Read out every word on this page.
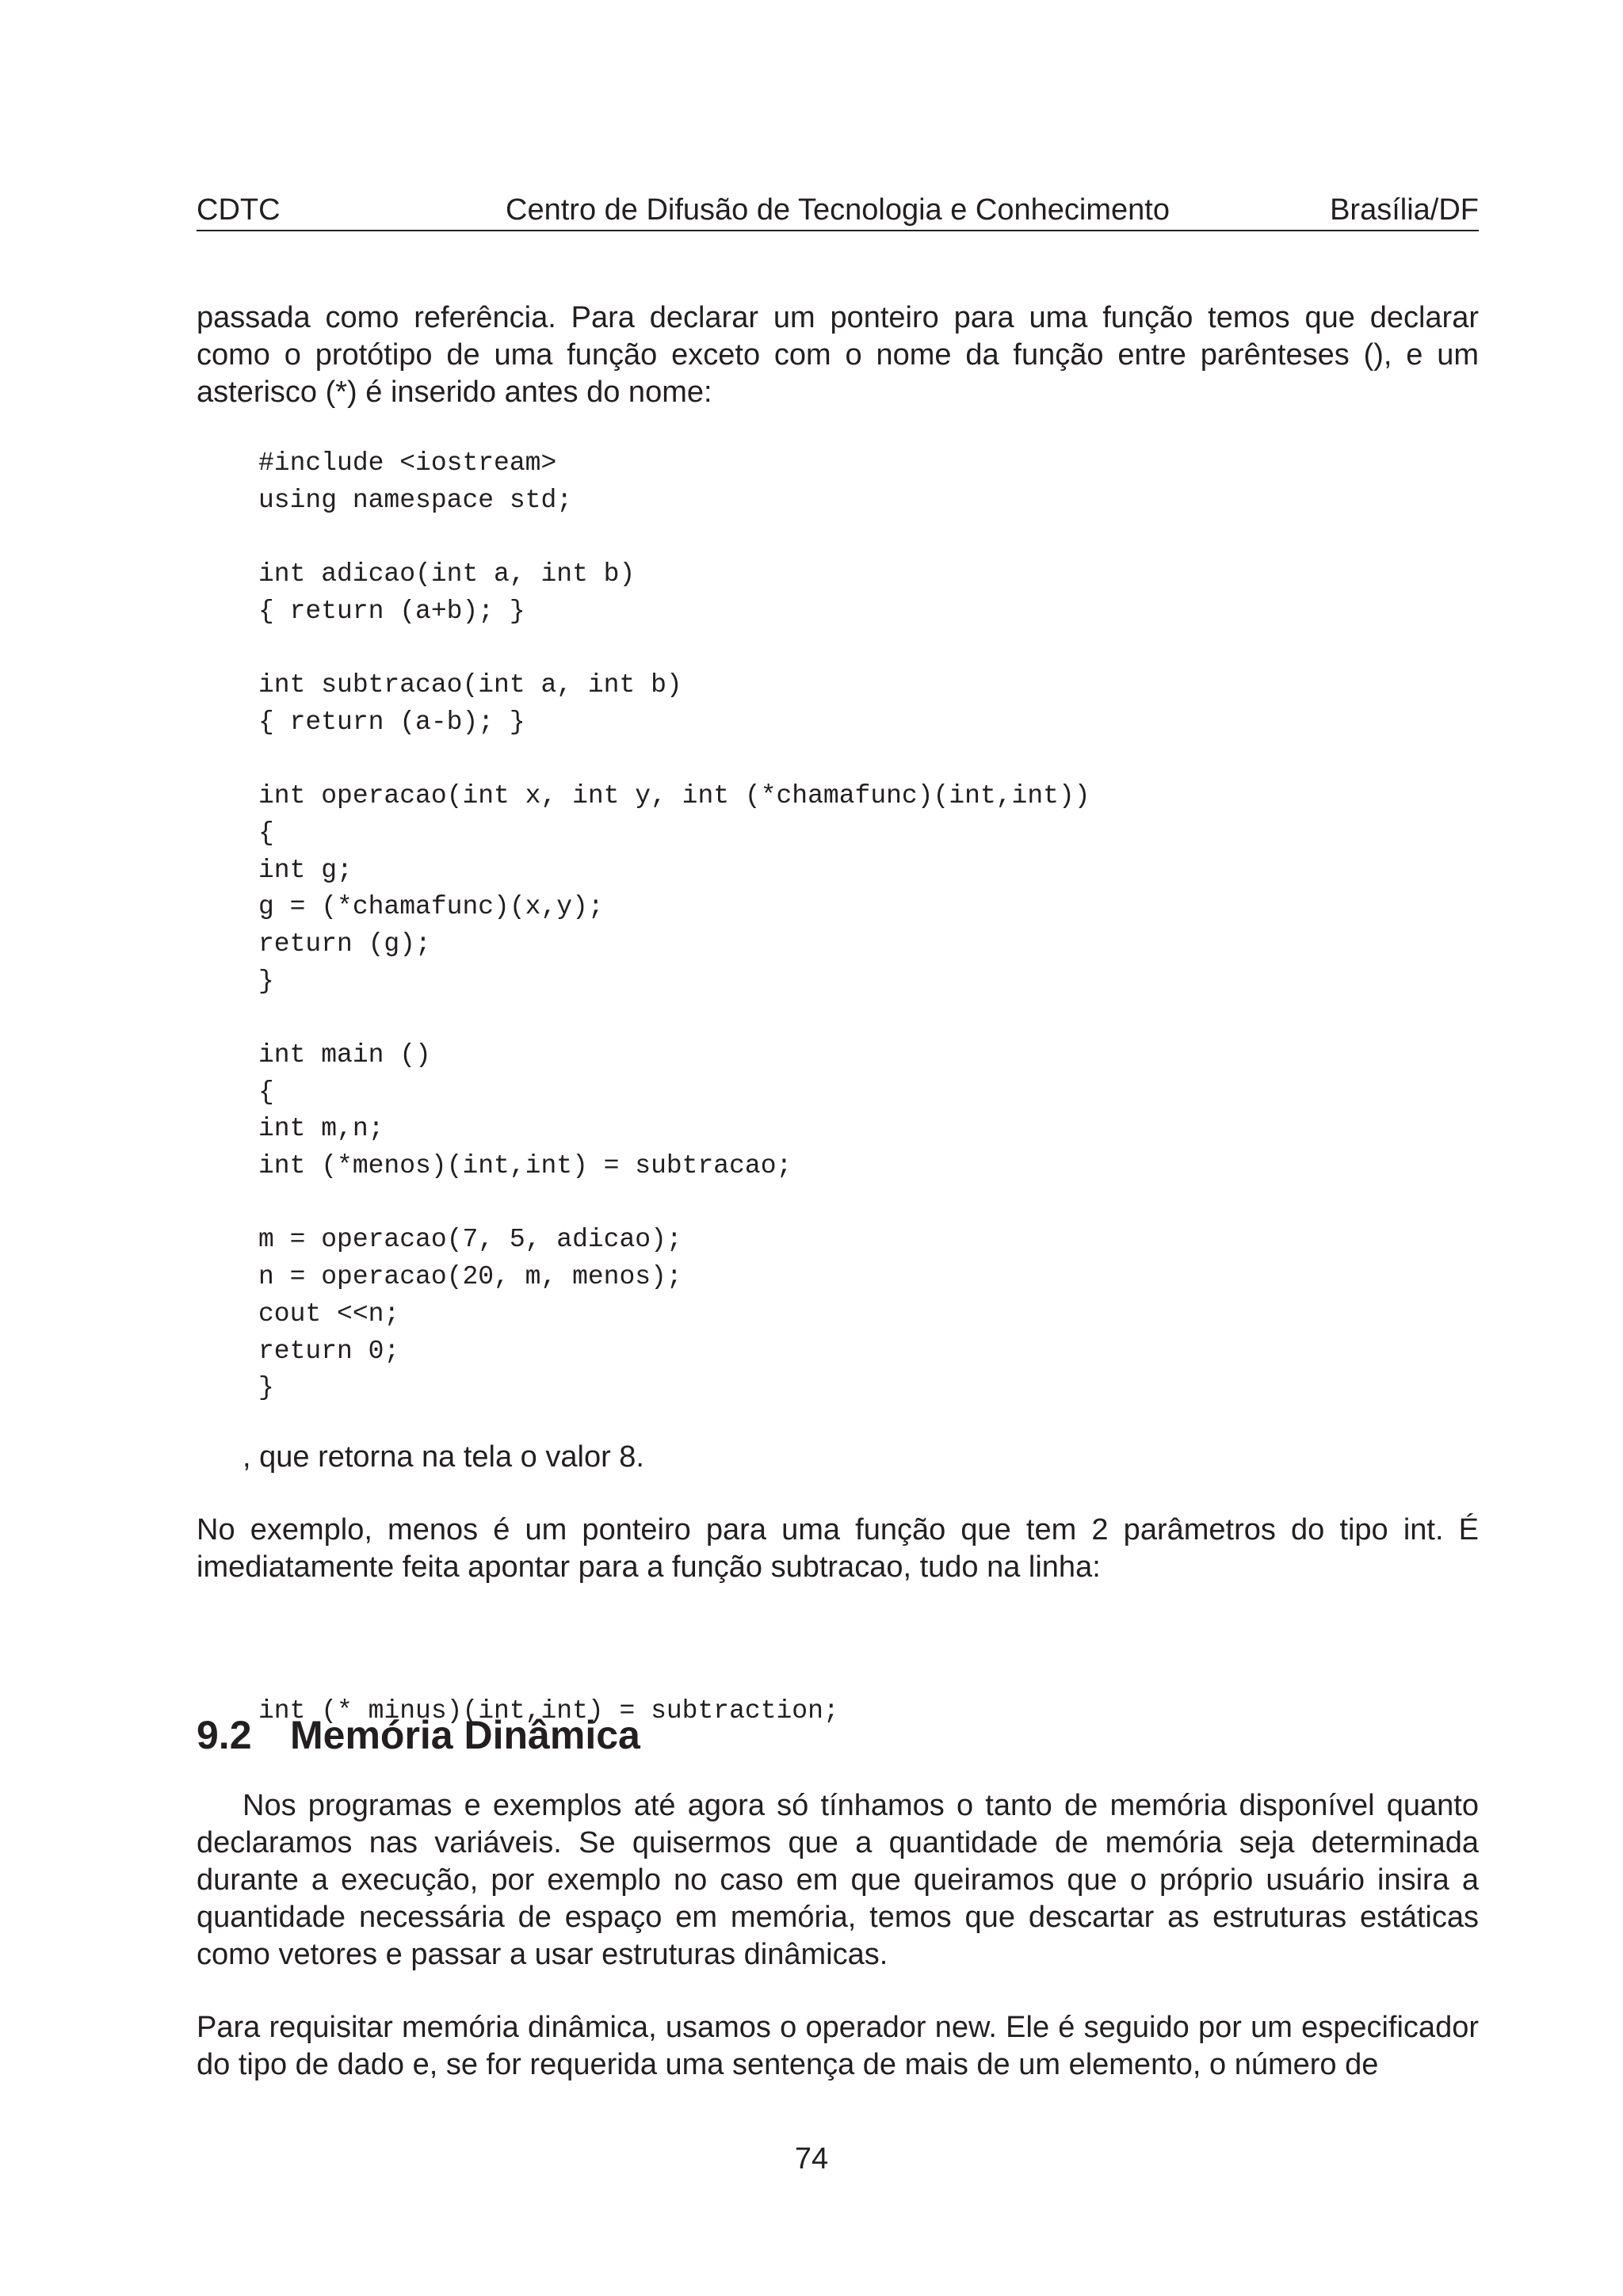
CDTC	Centro de Difusão de Tecnologia e Conhecimento	Brasília/DF

passada como referência. Para declarar um ponteiro para uma função temos que declarar como o protótipo de uma função exceto com o nome da função entre parênteses (), e um asterisco (*) é inserido antes do nome:

#include <iostream>
using namespace std;
int adicao(int a, int b)
{ return (a+b); }
int subtracao(int a, int b)
{ return (a-b); }
int operacao(int x, int y, int (*chamafunc)(int,int))
{
int g;
g = (*chamafunc)(x,y);
return (g);
}
int main ()
{
int m,n;
int (*menos)(int,int) = subtracao;
m = operacao(7, 5, adicao);
n = operacao(20, m, menos);
cout <<n;
return 0;
}

, que retorna na tela o valor 8.

No exemplo, menos é um ponteiro para uma função que tem 2 parâmetros do tipo int. É imediatamente feita apontar para a função subtracao, tudo na linha:

int (* minus)(int,int) = subtraction;

9.2 Memória Dinâmica

Nos programas e exemplos até agora só tínhamos o tanto de memória disponível quanto declaramos nas variáveis. Se quisermos que a quantidade de memória seja determinada durante a execução, por exemplo no caso em que queiramos que o próprio usuário insira a quantidade necessária de espaço em memória, temos que descartar as estruturas estáticas como vetores e passar a usar estruturas dinâmicas.

Para requisitar memória dinâmica, usamos o operador new. Ele é seguido por um especificador do tipo de dado e, se for requerida uma sentença de mais de um elemento, o número de

74
